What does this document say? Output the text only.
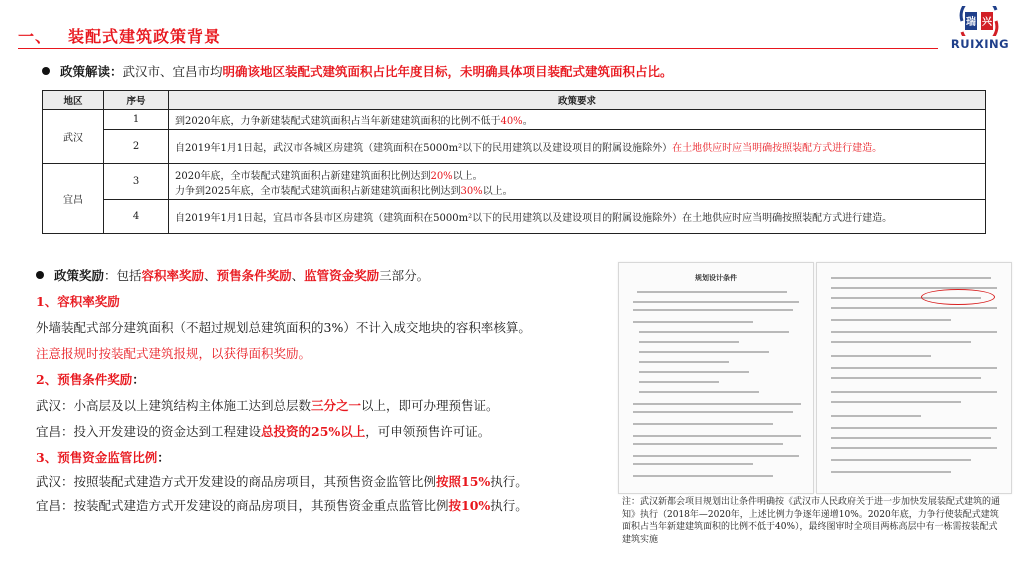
一、 装配式建筑政策背景
瑞 兴
RUIXING
政策解读：武汉市、宜昌市均明确该地区装配式建筑面积占比年度目标，未明确具体项目装配式建筑面积占比。
地区	序号	政策要求
武汉	1	到2020年底，力争新建装配式建筑面积占当年新建建筑面积的比例不低于40%。
	2	自2019年1月1日起，武汉市各城区房建筑（建筑面积在5000m²以下的民用建筑以及建设项目的附属设施除外）在土地供应时应当明确按照装配方式进行建造。
宜昌	3	2020年底，全市装配式建筑面积占新建建筑面积比例达到20%以上。
力争到2025年底，全市装配式建筑面积占新建建筑面积比例达到30%以上。

	4	自2019年1月1日起，宜昌市各县市区房建筑（建筑面积在5000m²以下的民用建筑以及建设项目的附属设施除外）在土地供应时应当明确按照装配方式进行建造。
政策奖励：包括容积率奖励、预售条件奖励、监管资金奖励三部分。
1、容积率奖励
外墙装配式部分建筑面积（不超过规划总建筑面积的3%）不计入成交地块的容积率核算。
注意报规时按装配式建筑报规，以获得面积奖励。
2、预售条件奖励：
武汉：小高层及以上建筑结构主体施工达到总层数三分之一以上，即可办理预售证。
宜昌：投入开发建设的资金达到工程建设总投资的25%以上，可申领预售许可证。
3、预售资金监管比例：
武汉：按照装配式建造方式开发建设的商品房项目，其预售资金监管比例按照15%执行。
宜昌：按装配式建造方式开发建设的商品房项目，其预售资金重点监管比例按10%执行。
规划设计条件
注：武汉新都会项目规划出让条件明确按《武汉市人民政府关于进一步加快发展装配式建筑的通知》执行（2018年—2020年，上述比例力争逐年递增10%。2020年底，力争行使装配式建筑面积占当年新建建筑面积的比例不低于40%），最终图审时全项目两栋高层中有一栋需按装配式建筑实施
